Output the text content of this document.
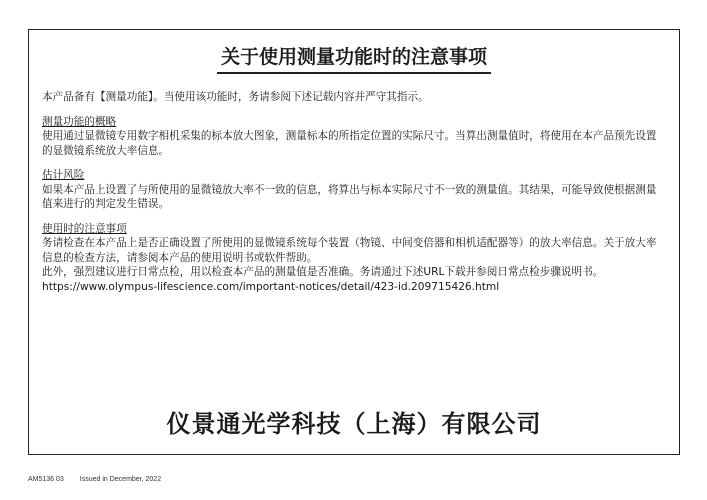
关于使用测量功能时的注意事项

本产品备有【测量功能】。当使用该功能时，务请参阅下述记载内容并严守其指示。

测量功能的概略

使用通过显微镜专用数字相机采集的标本放大图象，测量标本的所指定位置的实际尺寸。当算出测量值时，将使用在本产品预先设置的显微镜系统放大率信息。

估计风险

如果本产品上设置了与所使用的显微镜放大率不一致的信息，将算出与标本实际尺寸不一致的测量值。其结果，可能导致使根据测量值来进行的判定发生错误。

使用时的注意事项

务请检查在本产品上是否正确设置了所使用的显微镜系统每个装置（物镜、中间变倍器和相机适配器等）的放大率信息。关于放大率信息的检查方法，请参阅本产品的使用说明书或软件帮助。

此外，强烈建议进行日常点检，用以检查本产品的测量值是否准确。务请通过下述URL下载并参阅日常点检步骤说明书。

https://www.olympus-lifescience.com/important-notices/detail/423-id.209715426.html

仪景通光学科技（上海）有限公司
AM5136 03 Issued in December, 2022
